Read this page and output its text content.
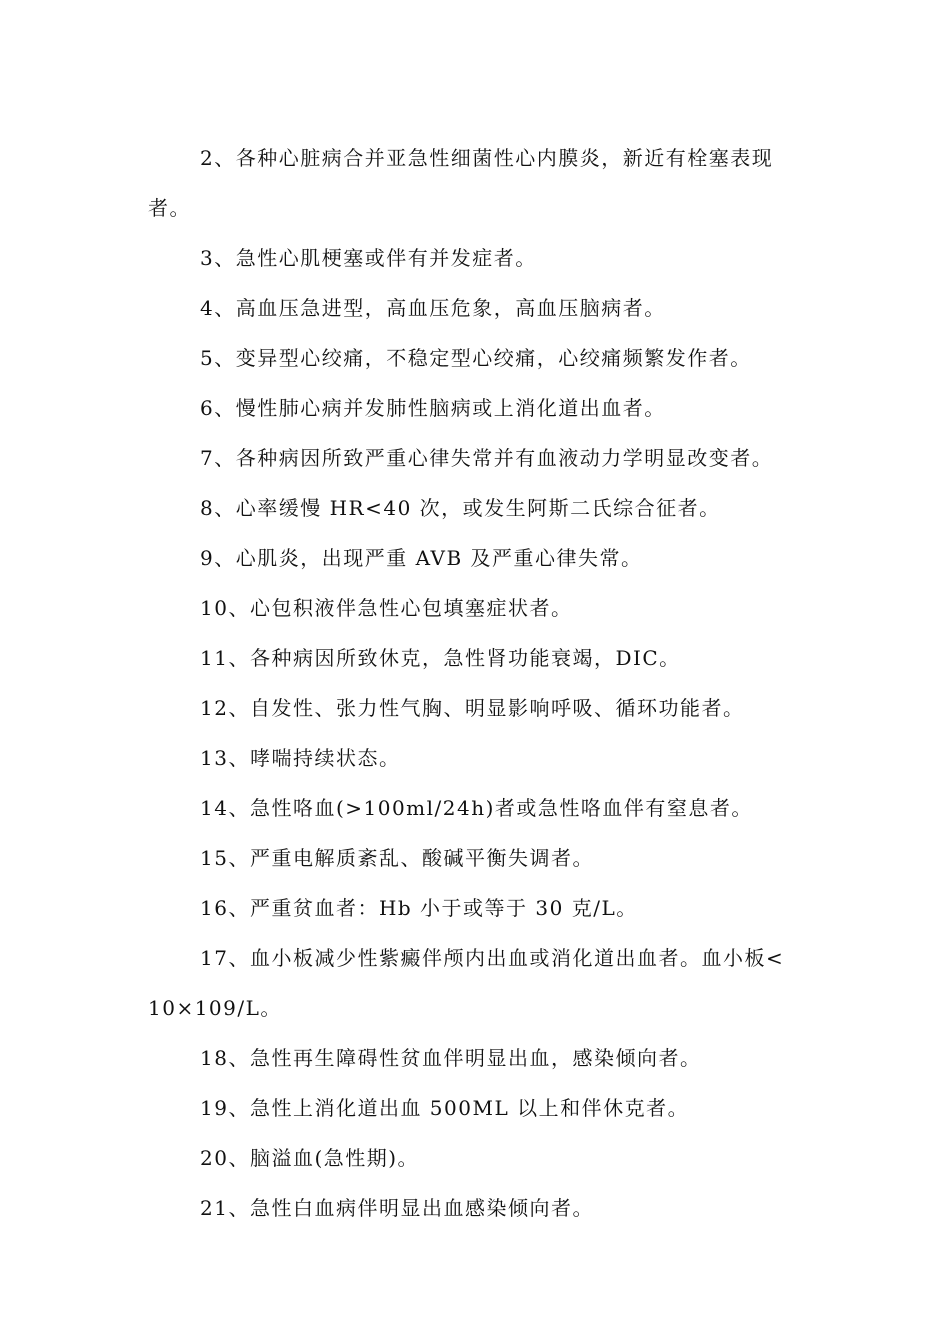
2、各种心脏病合并亚急性细菌性心内膜炎，新近有栓塞表现者。

3、急性心肌梗塞或伴有并发症者。

4、高血压急进型，高血压危象，高血压脑病者。

5、变异型心绞痛，不稳定型心绞痛，心绞痛频繁发作者。

6、慢性肺心病并发肺性脑病或上消化道出血者。

7、各种病因所致严重心律失常并有血液动力学明显改变者。

8、心率缓慢 HR<40 次，或发生阿斯二氏综合征者。

9、心肌炎，出现严重 AVB 及严重心律失常。

10、心包积液伴急性心包填塞症状者。

11、各种病因所致休克，急性肾功能衰竭，DIC。

12、自发性、张力性气胸、明显影响呼吸、循环功能者。

13、哮喘持续状态。

14、急性咯血(>100ml/24h)者或急性咯血伴有窒息者。

15、严重电解质紊乱、酸碱平衡失调者。

16、严重贫血者：Hb 小于或等于 30 克/L。

17、血小板减少性紫癜伴颅内出血或消化道出血者。血小板<10×109/L。

18、急性再生障碍性贫血伴明显出血，感染倾向者。

19、急性上消化道出血 500ML 以上和伴休克者。

20、脑溢血(急性期)。

21、急性白血病伴明显出血感染倾向者。
